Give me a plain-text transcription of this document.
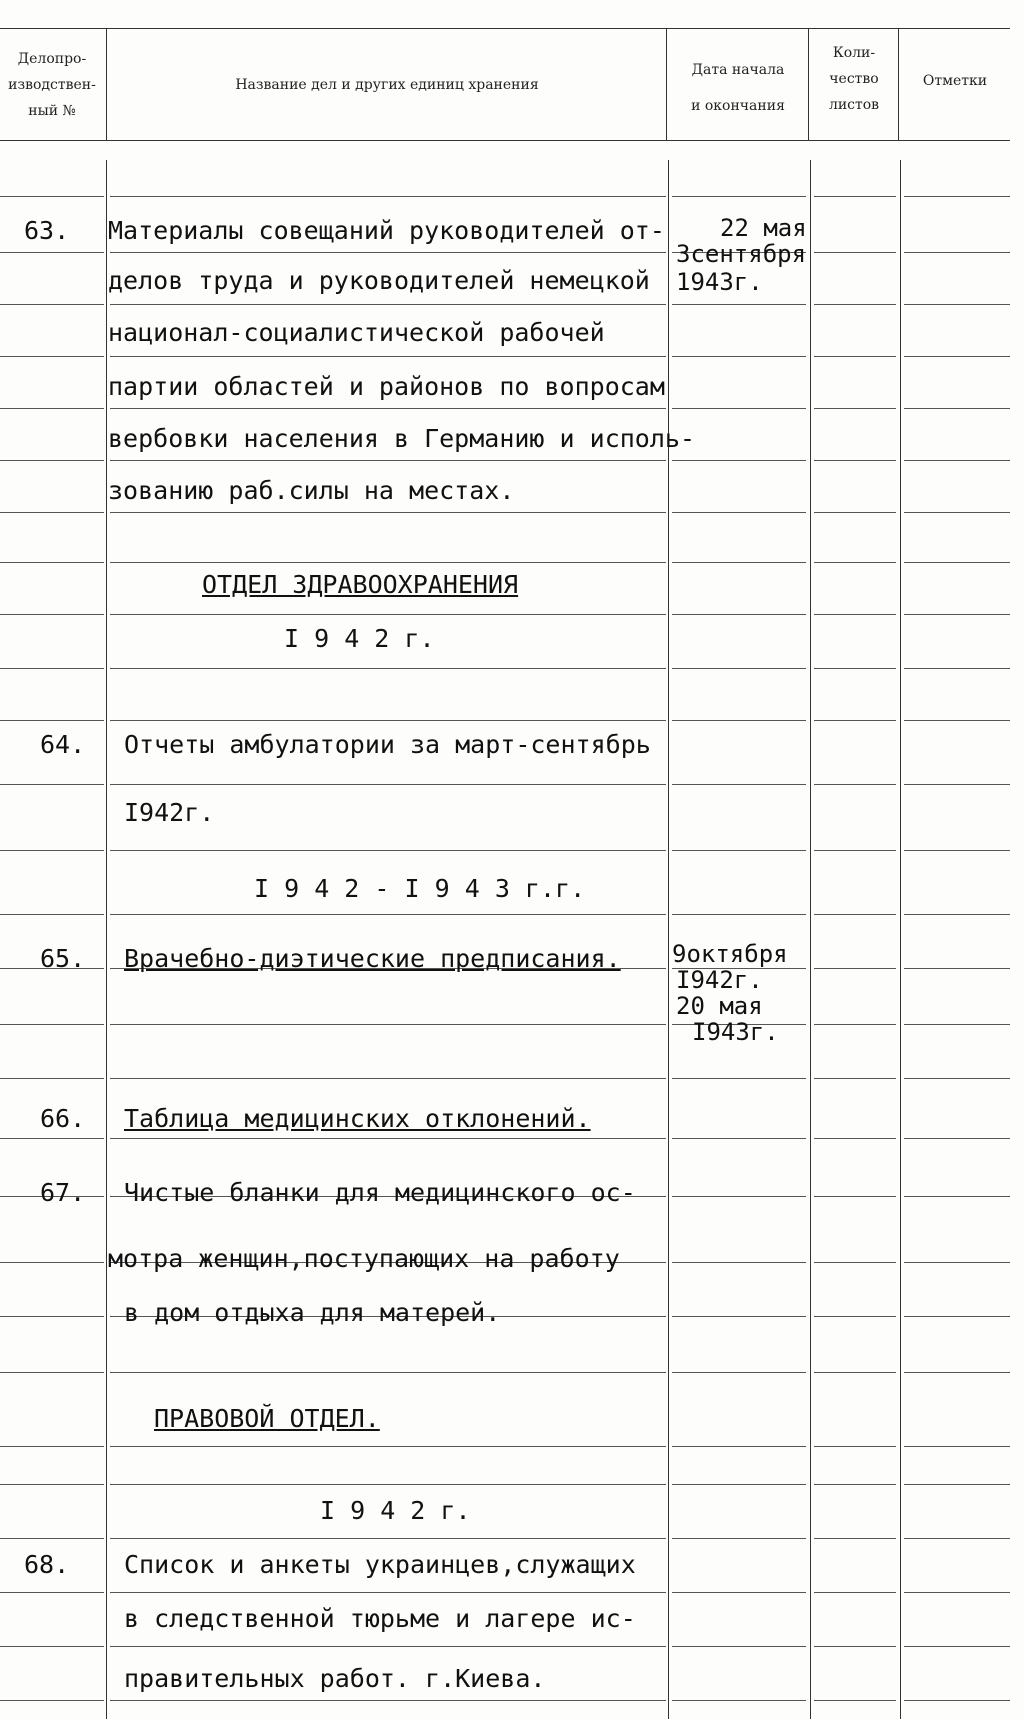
Делопро-
изводствен-
ный №
Название дел и других единиц хранения
Дата начала
и окончания
Коли-
чество
листов
Отметки
63. Материалы совещаний руководителей от-
делов труда и руководителей немецкой
национал-социалистической рабочей
партии областей и районов по вопросам
вербовки населения в Германию и исполь-
зованию раб.силы на местах.
22 мая
3сентября
1943г.
ОТДЕЛ ЗДРАВООХРАНЕНИЯ
I 9 4 2 г.
64. Отчеты амбулатории за март-сентябрь
I942г.
I 9 4 2 - I 9 4 3 г.г.
65. Врачебно-диэтические предписания. 9октября
I942г.
20 мая
I943г.
66. Таблица медицинских отклонений.
67. Чистые бланки для медицинского ос-
мотра женщин,поступающих на работу
в дом отдыха для матерей.
ПРАВОВОЙ ОТДЕЛ.
I 9 4 2 г.
68. Список и анкеты украинцев,служащих
в следственной тюрьме и лагере ис-
правительных работ. г.Киева.
